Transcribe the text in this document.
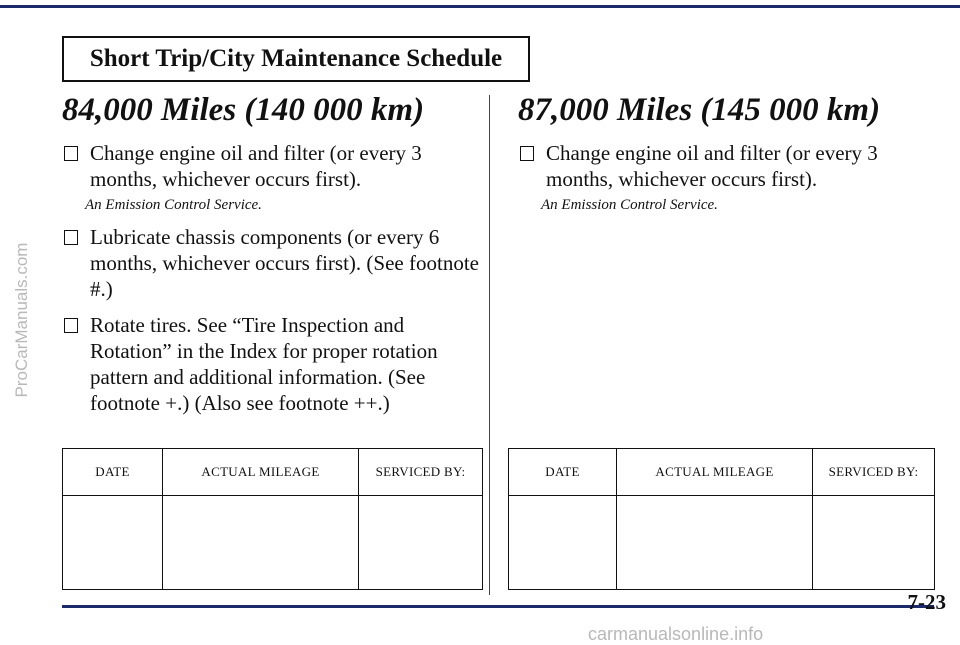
ProCarManuals.com
Short Trip/City Maintenance Schedule
84,000 Miles (140 000 km)
Change engine oil and filter (or every 3 months, whichever occurs first).
An Emission Control Service.
Lubricate chassis components (or every 6 months, whichever occurs first). (See footnote #.)
Rotate tires. See “Tire Inspection and Rotation” in the Index for proper rotation pattern and additional information. (See footnote +.) (Also see footnote ++.)
87,000 Miles (145 000 km)
Change engine oil and filter (or every 3 months, whichever occurs first).
An Emission Control Service.
DATE	ACTUAL MILEAGE	SERVICED BY:
			DATE	ACTUAL MILEAGE	SERVICED BY:

7-23
carmanualsonline.info
